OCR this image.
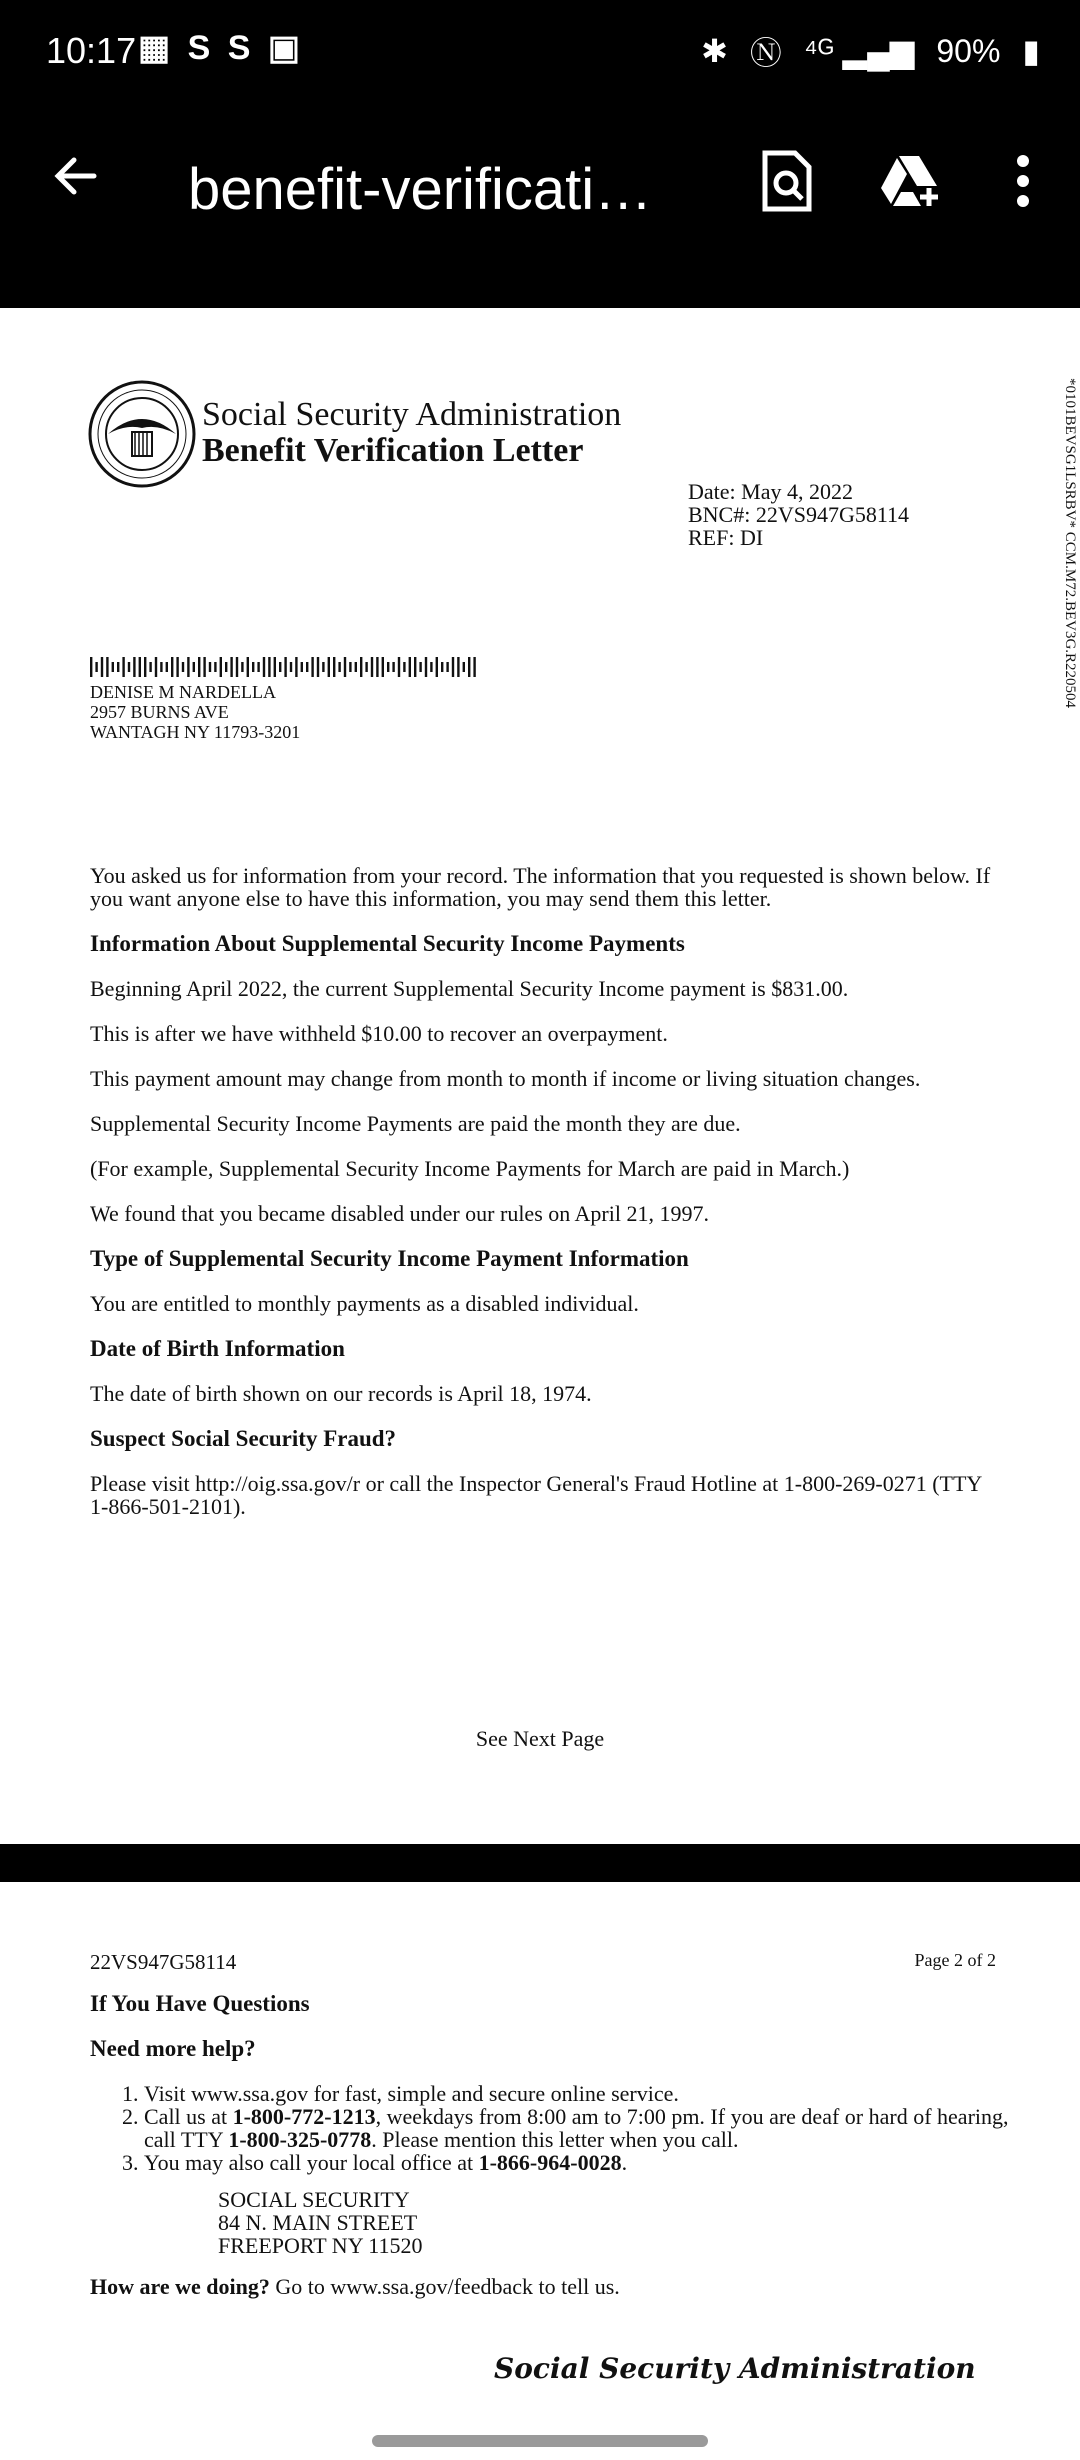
10:17 ▦ S S ▣	✱ Ⓝ ⁴ᴳ ▂▄▆ 90% ▮
benefit-verificati…
Social Security Administration
Benefit Verification Letter
Date: May 4, 2022
BNC#: 22VS947G58114
REF: DI	*0101BEVSG1LSRBV* CCM.M72.BEV3G.R220504
DENISE M NARDELLA
2957 BURNS AVE
WANTAGH NY 11793-3201

You asked us for information from your record. The information that you requested is shown below. If you want anyone else to have this information, you may send them this letter.

Information About Supplemental Security Income Payments

Beginning April 2022, the current Supplemental Security Income payment is $831.00.

This is after we have withheld $10.00 to recover an overpayment.

This payment amount may change from month to month if income or living situation changes.

Supplemental Security Income Payments are paid the month they are due.

(For example, Supplemental Security Income Payments for March are paid in March.)

We found that you became disabled under our rules on April 21, 1997.

Type of Supplemental Security Income Payment Information

You are entitled to monthly payments as a disabled individual.

Date of Birth Information

The date of birth shown on our records is April 18, 1974.

Suspect Social Security Fraud?

Please visit http://oig.ssa.gov/r or call the Inspector General's Fraud Hotline at 1-800-269-0271 (TTY 1-866-501-2101).

See Next Page
22VS947G58114	Page 2 of 2

If You Have Questions

Need more help?

1. Visit www.ssa.gov for fast, simple and secure online service.
2. Call us at 1-800-772-1213, weekdays from 8:00 am to 7:00 pm. If you are deaf or hard of hearing, call TTY 1-800-325-0778. Please mention this letter when you call.
3. You may also call your local office at 1-866-964-0028.
SOCIAL SECURITY
84 N. MAIN STREET
FREEPORT NY 11520

How are we doing? Go to www.ssa.gov/feedback to tell us.

Social Security Administration
